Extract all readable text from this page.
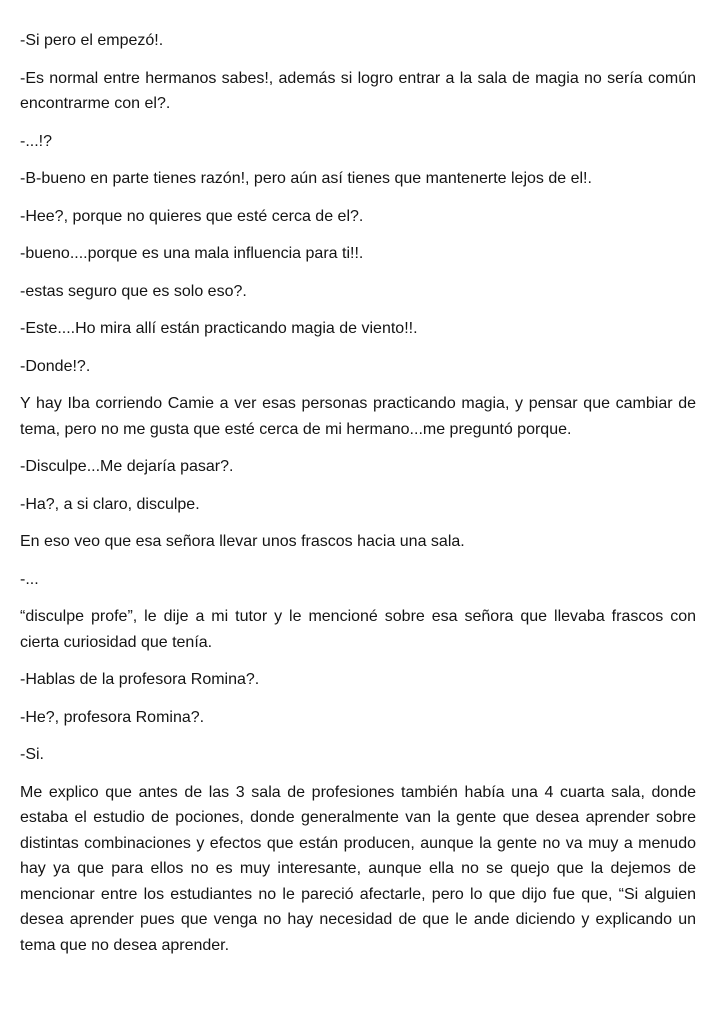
-Si pero el empezó!.

-Es normal entre hermanos sabes!, además si logro entrar a la sala de magia no sería común encontrarme con el?.

-...!?

-B-bueno en parte tienes razón!, pero aún así tienes que mantenerte lejos de el!.

-Hee?, porque no quieres que esté cerca de el?.

-bueno....porque es una mala influencia para ti!!.

-estas seguro que es solo eso?.

-Este....Ho mira allí están practicando magia de viento!!.

-Donde!?.

Y hay Iba corriendo Camie a ver esas personas practicando magia, y pensar que cambiar de tema, pero no me gusta que esté cerca de mi hermano...me preguntó porque.

-Disculpe...Me dejaría pasar?.

-Ha?, a si claro, disculpe.

En eso veo que esa señora llevar unos frascos hacia una sala.

-...

“disculpe profe”, le dije a mi tutor y le mencioné sobre esa señora que llevaba frascos con cierta curiosidad que tenía.

-Hablas de la profesora Romina?.

-He?, profesora Romina?.

-Si.

Me explico que antes de las 3 sala de profesiones también había una 4 cuarta sala, donde estaba el estudio de pociones, donde generalmente van la gente que desea aprender sobre distintas combinaciones y efectos que están producen, aunque la gente no va muy a menudo hay ya que para ellos no es muy interesante, aunque ella no se quejo que la dejemos de mencionar entre los estudiantes no le pareció afectarle, pero lo que dijo fue que, “Si alguien desea aprender pues que venga no hay necesidad de que le ande diciendo y explicando un tema que no desea aprender.
